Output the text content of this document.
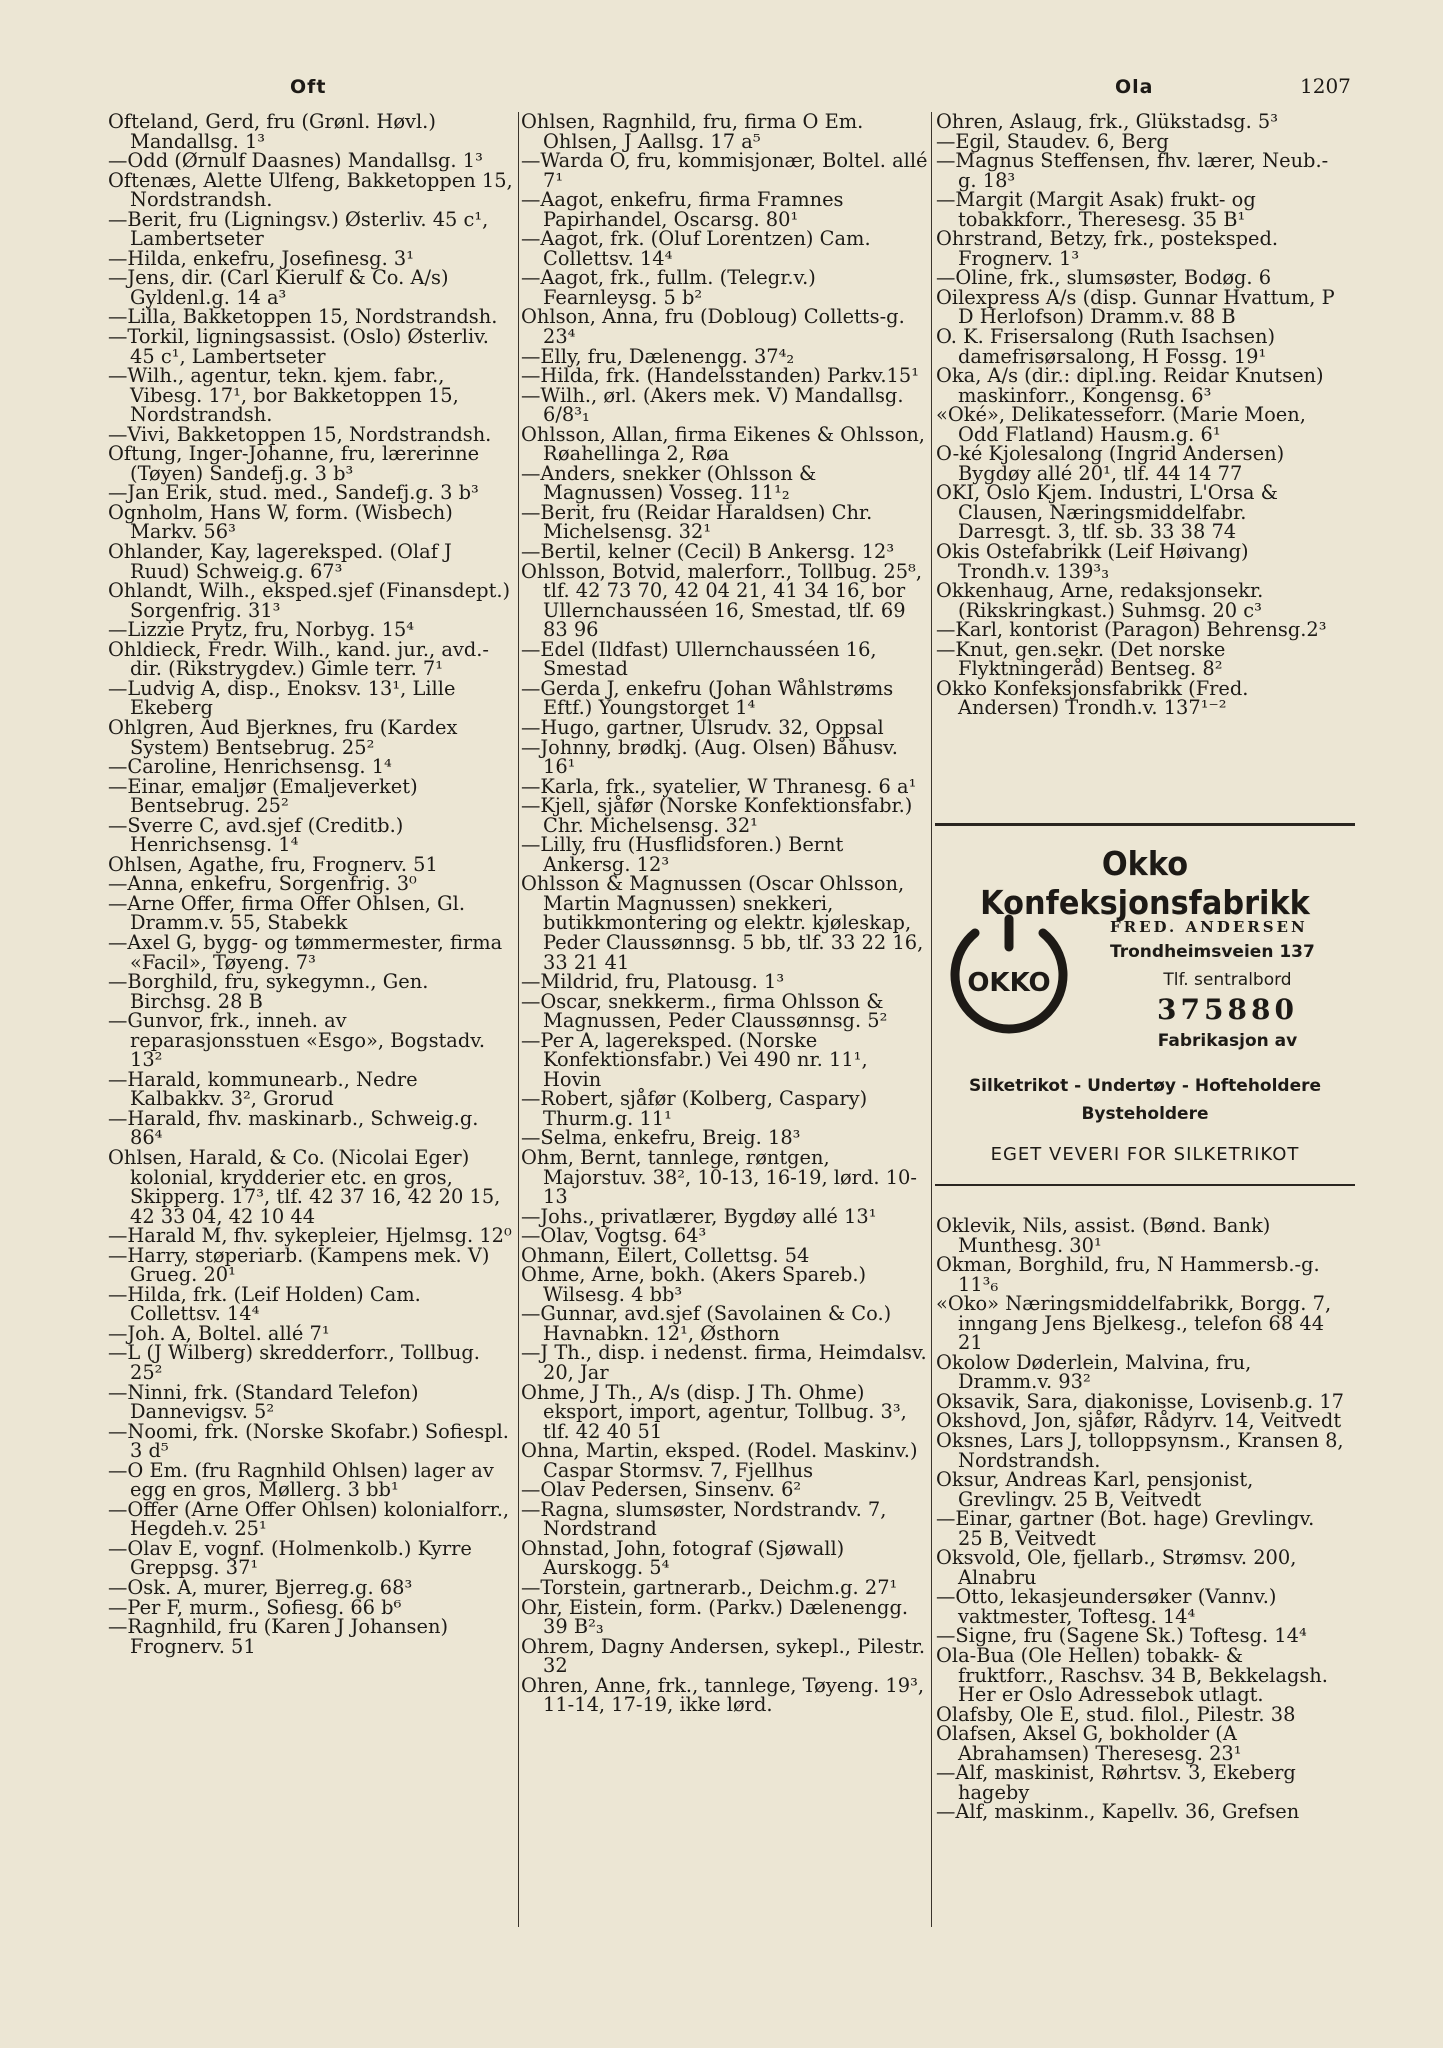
Oft	Ola	1207

Ofteland, Gerd, fru (Grønl. Høvl.) Mandallsg. 1³

—Odd (Ørnulf Daasnes) Mandallsg. 1³

Oftenæs, Alette Ulfeng, Bakketoppen 15, Nordstrandsh.

—Berit, fru (Ligningsv.) Østerliv. 45 c¹, Lambertseter

—Hilda, enkefru, Josefinesg. 3¹

—Jens, dir. (Carl Kierulf & Co. A/s) Gyldenl.g. 14 a³

—Lilla, Bakketoppen 15, Nordstrandsh.

—Torkil, ligningsassist. (Oslo) Østerliv. 45 c¹, Lambertseter

—Wilh., agentur, tekn. kjem. fabr., Vibesg. 17¹, bor Bakketoppen 15, Nordstrandsh.

—Vivi, Bakketoppen 15, Nordstrandsh.

Oftung, Inger-Johanne, fru, lærerinne (Tøyen) Sandefj.g. 3 b³

—Jan Erik, stud. med., Sandefj.g. 3 b³

Ognholm, Hans W, form. (Wisbech) Markv. 56³

Ohlander, Kay, lagereksped. (Olaf J Ruud) Schweig.g. 67³

Ohlandt, Wilh., eksped.sjef (Finansdept.) Sorgenfrig. 31³

—Lizzie Prytz, fru, Norbyg. 15⁴

Ohldieck, Fredr. Wilh., kand. jur., avd.-dir. (Rikstrygdev.) Gimle terr. 7¹

—Ludvig A, disp., Enoksv. 13¹, Lille Ekeberg

Ohlgren, Aud Bjerknes, fru (Kardex System) Bentsebrug. 25²

—Caroline, Henrichsensg. 1⁴

—Einar, emaljør (Emaljeverket) Bentsebrug. 25²

—Sverre C, avd.sjef (Creditb.) Henrichsensg. 1⁴

Ohlsen, Agathe, fru, Frognerv. 51

—Anna, enkefru, Sorgenfrig. 3⁰

—Arne Offer, firma Offer Ohlsen, Gl. Dramm.v. 55, Stabekk

—Axel G, bygg- og tømmermester, firma «Facil», Tøyeng. 7³

—Borghild, fru, sykegymn., Gen. Birchsg. 28 B

—Gunvor, frk., inneh. av reparasjonsstuen «Esgo», Bogstadv. 13²

—Harald, kommunearb., Nedre Kalbakkv. 3², Grorud

—Harald, fhv. maskinarb., Schweig.g. 86⁴

Ohlsen, Harald, & Co. (Nicolai Eger) kolonial, krydderier etc. en gros, Skipperg. 17³, tlf. 42 37 16, 42 20 15, 42 33 04, 42 10 44

—Harald M, fhv. sykepleier, Hjelmsg. 12⁰

—Harry, støperiarb. (Kampens mek. V) Grueg. 20¹

—Hilda, frk. (Leif Holden) Cam. Collettsv. 14⁴

—Joh. A, Boltel. allé 7¹

—L (J Wilberg) skredderforr., Tollbug. 25²

—Ninni, frk. (Standard Telefon) Dannevigsv. 5²

—Noomi, frk. (Norske Skofabr.) Sofiespl. 3 d⁵

—O Em. (fru Ragnhild Ohlsen) lager av egg en gros, Møllerg. 3 bb¹

—Offer (Arne Offer Ohlsen) kolonialforr., Hegdeh.v. 25¹

—Olav E, vognf. (Holmenkolb.) Kyrre Greppsg. 37¹

—Osk. A, murer, Bjerreg.g. 68³

—Per F, murm., Sofiesg. 66 b⁶

—Ragnhild, fru (Karen J Johansen) Frognerv. 51

Ohlsen, Ragnhild, fru, firma O Em. Ohlsen, J Aallsg. 17 a⁵

—Warda O, fru, kommisjonær, Boltel. allé 7¹

—Aagot, enkefru, firma Framnes Papirhandel, Oscarsg. 80¹

—Aagot, frk. (Oluf Lorentzen) Cam. Collettsv. 14⁴

—Aagot, frk., fullm. (Telegr.v.) Fearnleysg. 5 b²

Ohlson, Anna, fru (Dobloug) Colletts-g. 23⁴

—Elly, fru, Dælenengg. 37⁴₂

—Hilda, frk. (Handelsstanden) Parkv.15¹

—Wilh., ørl. (Akers mek. V) Mandallsg. 6/8³₁

Ohlsson, Allan, firma Eikenes & Ohlsson, Røahellinga 2, Røa

—Anders, snekker (Ohlsson & Magnussen) Vosseg. 11¹₂

—Berit, fru (Reidar Haraldsen) Chr. Michelsensg. 32¹

—Bertil, kelner (Cecil) B Ankersg. 12³

Ohlsson, Botvid, malerforr., Tollbug. 25⁸, tlf. 42 73 70, 42 04 21, 41 34 16, bor Ullernchausséen 16, Smestad, tlf. 69 83 96

—Edel (Ildfast) Ullernchausséen 16, Smestad

—Gerda J, enkefru (Johan Wåhlstrøms Eftf.) Youngstorget 1⁴

—Hugo, gartner, Ulsrudv. 32, Oppsal

—Johnny, brødkj. (Aug. Olsen) Båhusv. 16¹

—Karla, frk., syatelier, W Thranesg. 6 a¹

—Kjell, sjåfør (Norske Konfektionsfabr.) Chr. Michelsensg. 32¹

—Lilly, fru (Husflidsforen.) Bernt Ankersg. 12³

Ohlsson & Magnussen (Oscar Ohlsson, Martin Magnussen) snekkeri, butikkmontering og elektr. kjøleskap, Peder Claussønnsg. 5 bb, tlf. 33 22 16, 33 21 41

—Mildrid, fru, Platousg. 1³

—Oscar, snekkerm., firma Ohlsson & Magnussen, Peder Claussønnsg. 5²

—Per A, lagereksped. (Norske Konfektionsfabr.) Vei 490 nr. 11¹, Hovin

—Robert, sjåfør (Kolberg, Caspary) Thurm.g. 11¹

—Selma, enkefru, Breig. 18³

Ohm, Bernt, tannlege, røntgen, Majorstuv. 38², 10-13, 16-19, lørd. 10-13

—Johs., privatlærer, Bygdøy allé 13¹

—Olav, Vogtsg. 64³

Ohmann, Eilert, Collettsg. 54

Ohme, Arne, bokh. (Akers Spareb.) Wilsesg. 4 bb³

—Gunnar, avd.sjef (Savolainen & Co.) Havnabkn. 12¹, Østhorn

—J Th., disp. i nedenst. firma, Heimdalsv. 20, Jar

Ohme, J Th., A/s (disp. J Th. Ohme) eksport, import, agentur, Tollbug. 3³, tlf. 42 40 51

Ohna, Martin, eksped. (Rodel. Maskinv.) Caspar Stormsv. 7, Fjellhus

—Olav Pedersen, Sinsenv. 6²

—Ragna, slumsøster, Nordstrandv. 7, Nordstrand

Ohnstad, John, fotograf (Sjøwall) Aurskogg. 5⁴

—Torstein, gartnerarb., Deichm.g. 27¹

Ohr, Eistein, form. (Parkv.) Dælenengg. 39 B²₃

Ohrem, Dagny Andersen, sykepl., Pilestr. 32

Ohren, Anne, frk., tannlege, Tøyeng. 19³, 11-14, 17-19, ikke lørd.

Ohren, Aslaug, frk., Glükstadsg. 5³

—Egil, Staudev. 6, Berg

—Magnus Steffensen, fhv. lærer, Neub.-g. 18³

—Margit (Margit Asak) frukt- og tobakkforr., Theresesg. 35 B¹

Ohrstrand, Betzy, frk., posteksped. Frognerv. 1³

—Oline, frk., slumsøster, Bodøg. 6

Oilexpress A/s (disp. Gunnar Hvattum, P D Herlofson) Dramm.v. 88 B

O. K. Frisersalong (Ruth Isachsen) damefrisørsalong, H Fossg. 19¹

Oka, A/s (dir.: dipl.ing. Reidar Knutsen) maskinforr., Kongensg. 6³

«Oké», Delikatesseforr. (Marie Moen, Odd Flatland) Hausm.g. 6¹

O-ké Kjolesalong (Ingrid Andersen) Bygdøy allé 20¹, tlf. 44 14 77

OKI, Oslo Kjem. Industri, L'Orsa & Clausen, Næringsmiddelfabr. Darresgt. 3, tlf. sb. 33 38 74

Okis Ostefabrikk (Leif Høivang) Trondh.v. 139³₃

Okkenhaug, Arne, redaksjonsekr. (Rikskringkast.) Suhmsg. 20 c³

—Karl, kontorist (Paragon) Behrensg.2³

—Knut, gen.sekr. (Det norske Flyktningeråd) Bentseg. 8²

Okko Konfeksjonsfabrikk (Fred. Andersen) Trondh.v. 137¹⁻²

Oklevik, Nils, assist. (Bønd. Bank) Munthesg. 30¹

Okman, Borghild, fru, N Hammersb.-g. 11³₆

«Oko» Næringsmiddelfabrikk, Borgg. 7, inngang Jens Bjelkesg., telefon 68 44 21

Okolow Døderlein, Malvina, fru, Dramm.v. 93²

Oksavik, Sara, diakonisse, Lovisenb.g. 17

Okshovd, Jon, sjåfør, Rådyrv. 14, Veitvedt

Oksnes, Lars J, tolloppsynsm., Kransen 8, Nordstrandsh.

Oksur, Andreas Karl, pensjonist, Grevlingv. 25 B, Veitvedt

—Einar, gartner (Bot. hage) Grevlingv. 25 B, Veitvedt

Oksvold, Ole, fjellarb., Strømsv. 200, Alnabru

—Otto, lekasjeundersøker (Vannv.) vaktmester, Toftesg. 14⁴

—Signe, fru (Sagene Sk.) Toftesg. 14⁴

Ola-Bua (Ole Hellen) tobakk- & fruktforr., Raschsv. 34 B, Bekkelagsh. Her er Oslo Adressebok utlagt.

Olafsby, Ole E, stud. filol., Pilestr. 38

Olafsen, Aksel G, bokholder (A Abrahamsen) Theresesg. 23¹

—Alf, maskinist, Røhrtsv. 3, Ekeberg hageby

—Alf, maskinm., Kapellv. 36, Grefsen

Okko Konfeksjonsfabrikk
OKKO
FRED. ANDERSEN
Trondheimsveien 137
Tlf. sentralbord
375880
Fabrikasjon av
Silketrikot - Undertøy - Hofteholdere
Bysteholdere
EGET VEVERI FOR SILKETRIKOT
